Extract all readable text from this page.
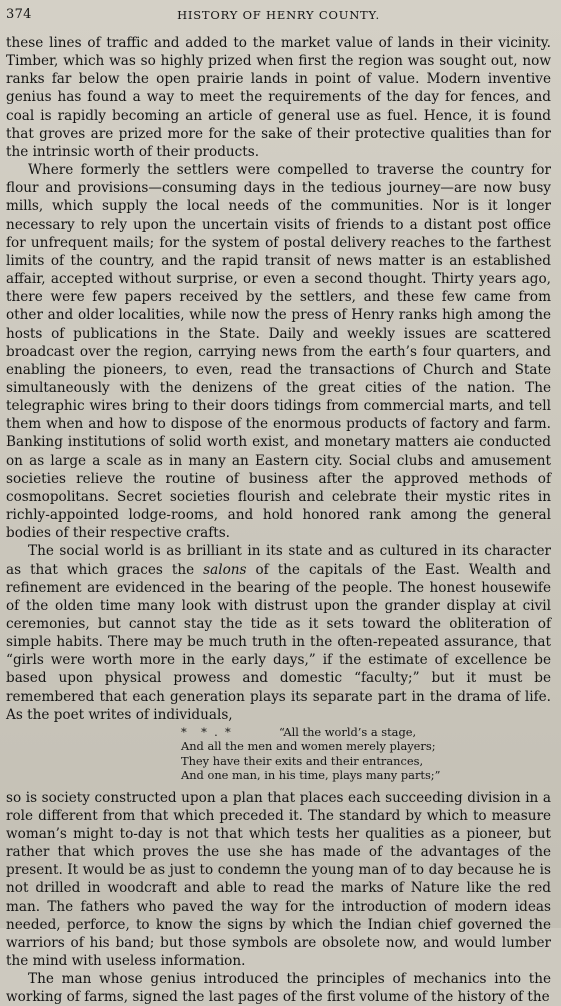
374	HISTORY OF HENRY COUNTY.

these lines of traffic and added to the market value of lands in their vicinity. Timber, which was so highly prized when first the region was sought out, now ranks far below the open prairie lands in point of value. Modern inventive genius has found a way to meet the requirements of the day for fences, and coal is rapidly becoming an article of general use as fuel. Hence, it is found that groves are prized more for the sake of their protective qualities than for the intrinsic worth of their products.

Where formerly the settlers were compelled to traverse the country for flour and provisions—consuming days in the tedious journey—are now busy mills, which supply the local needs of the communities. Nor is it longer necessary to rely upon the uncertain visits of friends to a distant post office for unfrequent mails; for the system of postal delivery reaches to the farthest limits of the country, and the rapid transit of news matter is an established affair, accepted without surprise, or even a second thought. Thirty years ago, there were few papers received by the settlers, and these few came from other and older localities, while now the press of Henry ranks high among the hosts of publications in the State. Daily and weekly issues are scattered broadcast over the region, carrying news from the earth’s four quarters, and enabling the pioneers, to even, read the transactions of Church and State simultaneously with the denizens of the great cities of the nation. The telegraphic wires bring to their doors tidings from commercial marts, and tell them when and how to dispose of the enormous products of factory and farm. Banking institutions of solid worth exist, and monetary matters aie conducted on as large a scale as in many an Eastern city. Social clubs and amusement societies relieve the routine of business after the approved methods of cosmopolitans. Secret societies flourish and celebrate their mystic rites in richly-appointed lodge-rooms, and hold honored rank among the general bodies of their respective crafts.

The social world is as brilliant in its state and as cultured in its character as that which graces the salons of the capitals of the East. Wealth and refinement are evidenced in the bearing of the people. The honest housewife of the olden time many look with distrust upon the grander display at civil ceremonies, but cannot stay the tide as it sets toward the obliteration of simple habits. There may be much truth in the often-repeated assurance, that “girls were worth more in the early days,” if the estimate of excellence be based upon physical prowess and domestic “faculty;” but it must be remembered that each generation plays its separate part in the drama of life. As the poet writes of individuals,

*    *  .  *	“All the world’s a stage,
And all the men and women merely players;
They have their exits and their entrances,
And one man, in his time, plays many parts;”

so is society constructed upon a plan that places each succeeding division in a role different from that which preceded it. The standard by which to measure woman’s might to-day is not that which tests her qualities as a pioneer, but rather that which proves the use she has made of the advantages of the present. It would be as just to condemn the young man of to day because he is not drilled in woodcraft and able to read the marks of Nature like the red man. The fathers who paved the way for the introduction of modern ideas needed, perforce, to know the signs by which the Indian chief governed the warriors of his band; but those symbols are obsolete now, and would lumber the mind with useless information.

The man whose genius introduced the principles of mechanics into the working of farms, signed the last pages of the first volume of the history of the
